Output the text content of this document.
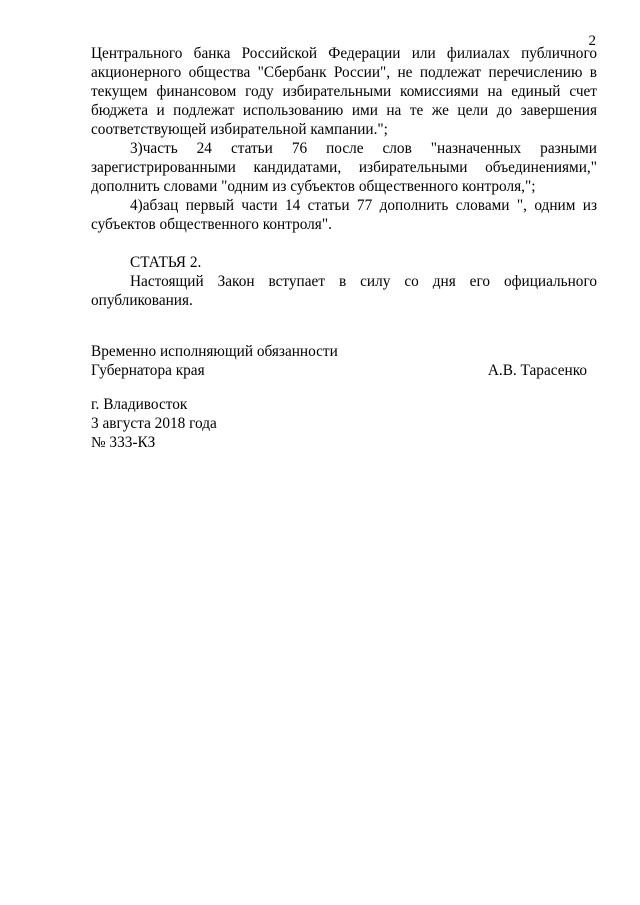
2

Центрального банка Российской Федерации или филиалах публичного акционерного общества "Сбербанк России", не подлежат перечислению в текущем финансовом году избирательными комиссиями на единый счет бюджета и подлежат использованию ими на те же цели до завершения соответствующей избирательной кампании.";

3)часть 24 статьи 76 после слов "назначенных разными зарегистрированными кандидатами, избирательными объединениями," дополнить словами "одним из субъектов общественного контроля,";

4)абзац первый части 14 статьи 77 дополнить словами ", одним из субъектов общественного контроля".

СТАТЬЯ 2.

Настоящий Закон вступает в силу со дня его официального опубликования.

Временно исполняющий обязанности
Губернатора края	А.В. Тарасенко
г. Владивосток
3 августа 2018 года
№ 333-КЗ
